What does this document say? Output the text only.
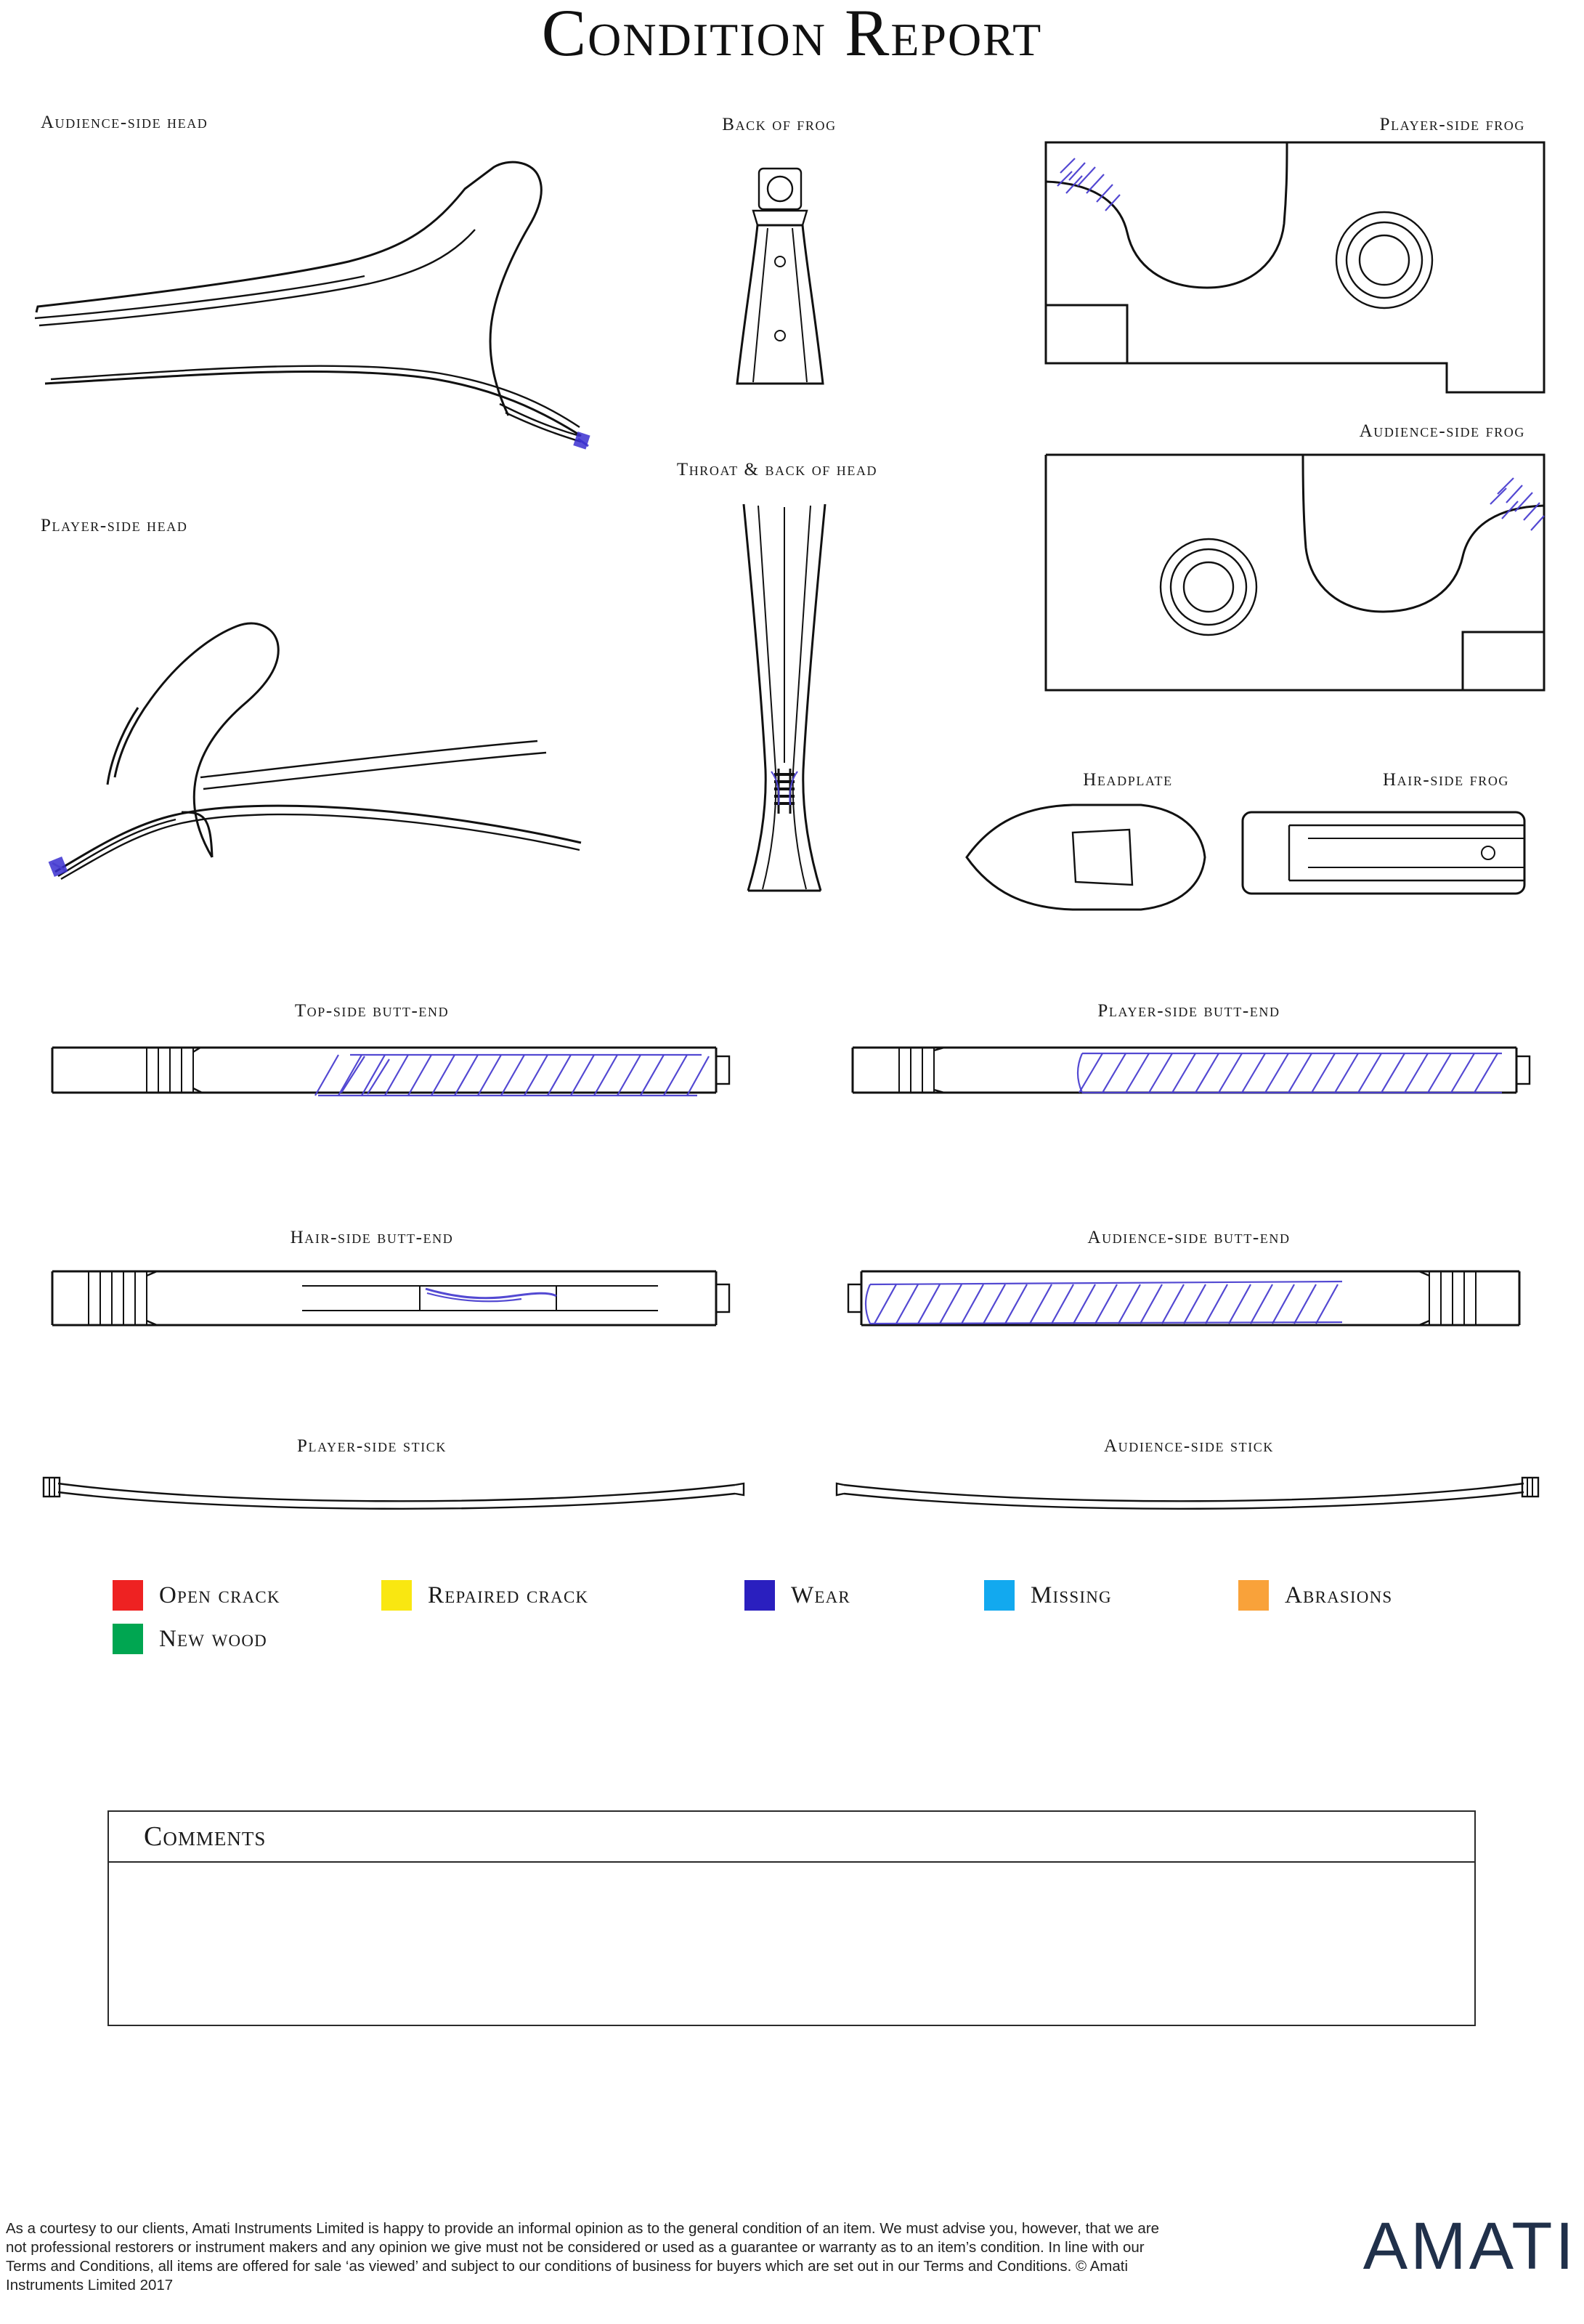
Condition Report
Audience-side head
Player-side head
Back of frog
Throat & back of head
Player-side frog
Audience-side frog
Headplate	Hair-side frog
Top-side butt-end	Player-side butt-end
Hair-side butt-end	Audience-side butt-end
Player-side stick	Audience-side stick
Open crack	Repaired crack	Wear	Missing	Abrasions
New wood
Comments
As a courtesy to our clients, Amati Instruments Limited is happy to provide an informal opinion as to the general condition of an item. We must advise you, however, that we are not professional restorers or instrument makers and any opinion we give must not be considered or used as a guarantee or warranty as to an item’s condition. In line with our Terms and Conditions, all items are offered for sale ‘as viewed’ and subject to our conditions of business for buyers which are set out in our Terms and Conditions. © Amati Instruments Limited 2017
AMATI
